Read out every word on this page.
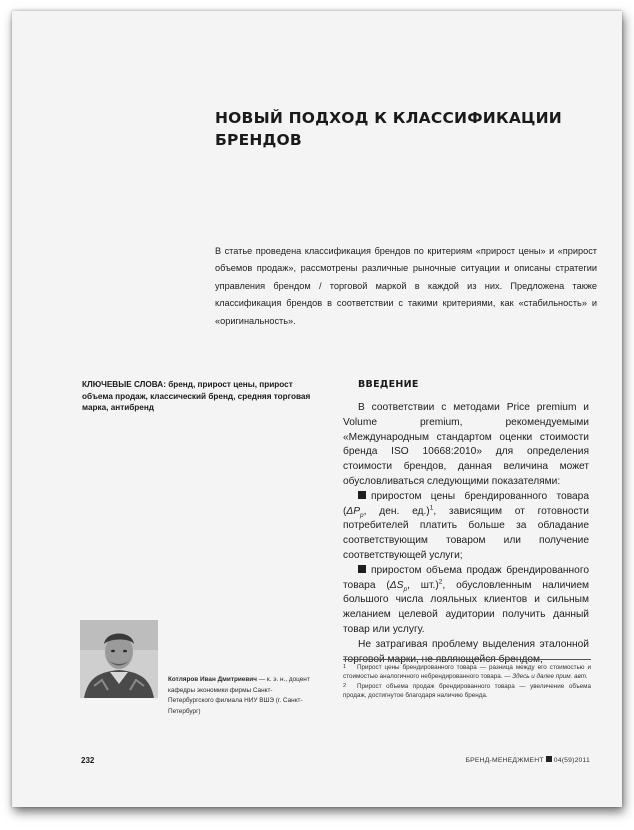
НОВЫЙ ПОДХОД К КЛАССИФИКАЦИИ
БРЕНДОВ

В статье проведена классификация брендов по критериям «прирост цены» и «прирост объемов продаж», рассмотрены различные рыночные ситуации и описаны стратегии управления брендом / торговой маркой в каждой из них. Предложена также классификация брендов в соответствии с такими критериями, как «стабильность» и «оригинальность».

КЛЮЧЕВЫЕ СЛОВА: бренд, прирост цены, прирост объема продаж, классический бренд, средняя торговая марка, антибренд

ВВЕДЕНИЕ

В соответствии с методами Price premium и Volume premium, рекомендуемыми «Международным стандартом оценки стоимости бренда ISO 10668:2010» для определения стоимости брендов, данная величина может обусловливаться следующими показателями:

приростом цены брендированного товара ($\Delta P_p$, ден. ед.)$^1$, зависящим от готовности потребителей платить больше за обладание соответствующим товаром или получение соответствующей услуги;

приростом объема продаж брендированного товара ($\Delta S_p$, шт.)$^2$, обусловленным наличием большого числа лояльных клиентов и сильным желанием целевой аудитории получить данный товар или услугу.

Не затрагивая проблему выделения эталонной торговой марки, не являющейся брендом,

1 Прирост цены брендированного товара — разница между его стоимостью и стоимостью аналогичного небрендированного товара. — Здесь и далее прим. авт.

2 Прирост объема продаж брендированного товара — увеличение объема продаж, достигнутое благодаря наличию бренда.

Котляров Иван Дмитриевич — к. э. н., доцент кафедры экономики фирмы Санкт-Петербургского филиала НИУ ВШЭ (г. Санкт-Петербург)

232	БРЕНД-МЕНЕДЖМЕНТ 04(59)2011
